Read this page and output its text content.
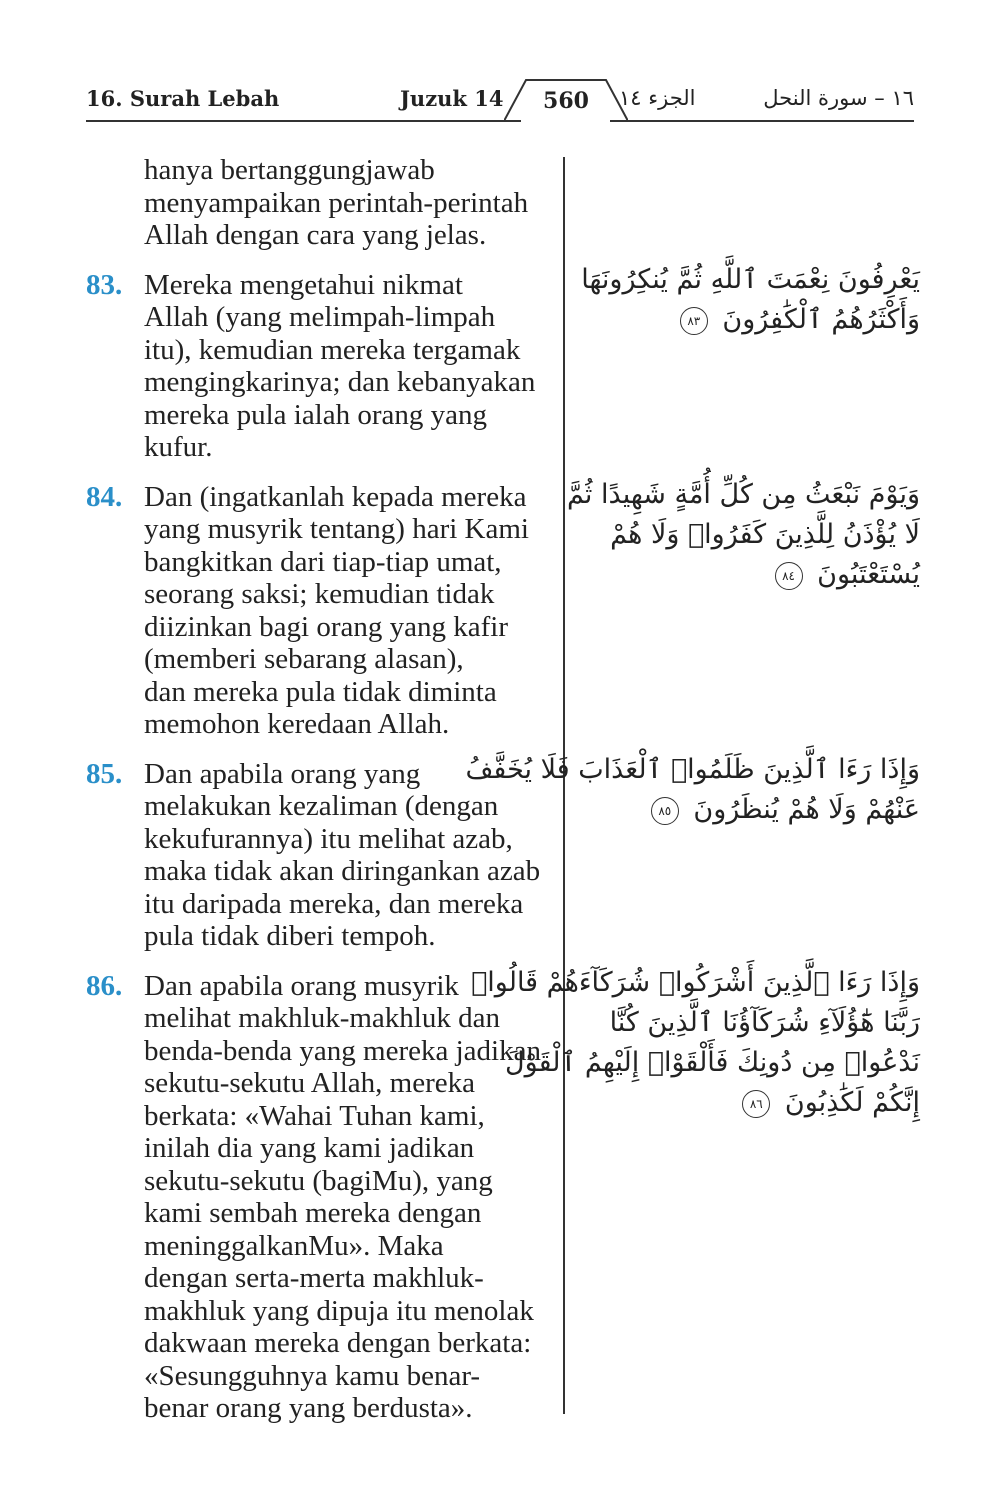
16. Surah Lebah	Juzuk 14	560	الجزء ١٤	١٦ – سورة النحل
hanya bertanggungjawab
menyampaikan perintah-perintah
Allah dengan cara yang jelas.
83. Mereka mengetahui nikmat
Allah (yang melimpah-limpah
itu), kemudian mereka tergamak
mengingkarinya; dan kebanyakan
mereka pula ialah orang yang
kufur.
84. Dan (ingatkanlah kepada mereka
yang musyrik tentang) hari Kami
bangkitkan dari tiap-tiap umat,
seorang saksi; kemudian tidak
diizinkan bagi orang yang kafir
(memberi sebarang alasan),
dan mereka pula tidak diminta
memohon keredaan Allah.
85. Dan apabila orang yang
melakukan kezaliman (dengan
kekufurannya) itu melihat azab,
maka tidak akan diringankan azab
itu daripada mereka, dan mereka
pula tidak diberi tempoh.
86. Dan apabila orang musyrik
melihat makhluk-makhluk dan
benda-benda yang mereka jadikan
sekutu-sekutu Allah, mereka
berkata: «Wahai Tuhan kami,
inilah dia yang kami jadikan
sekutu-sekutu (bagiMu), yang
kami sembah mereka dengan
meninggalkanMu». Maka
dengan serta-merta makhluk-
makhluk yang dipuja itu menolak
dakwaan mereka dengan berkata:
«Sesungguhnya kamu benar-
benar orang yang berdusta».
يَعْرِفُونَ نِعْمَتَ ٱللَّهِ ثُمَّ يُنكِرُونَهَا
وَأَكْثَرُهُمُ ٱلْكَٰفِرُونَ ٨٣
وَيَوْمَ نَبْعَثُ مِن كُلِّ أُمَّةٍ شَهِيدًا ثُمَّ
لَا يُؤْذَنُ لِلَّذِينَ كَفَرُوا۟ وَلَا هُمْ
يُسْتَعْتَبُونَ ٨٤
وَإِذَا رَءَا ٱلَّذِينَ ظَلَمُوا۟ ٱلْعَذَابَ فَلَا يُخَفَّفُ
عَنْهُمْ وَلَا هُمْ يُنظَرُونَ ٨٥
وَإِذَا رَءَا ٱلَّذِينَ أَشْرَكُوا۟ شُرَكَآءَهُمْ قَالُوا۟
رَبَّنَا هَٰٓؤُلَآءِ شُرَكَآؤُنَا ٱلَّذِينَ كُنَّا
نَدْعُوا۟ مِن دُونِكَ فَأَلْقَوْا۟ إِلَيْهِمُ ٱلْقَوْلَ
إِنَّكُمْ لَكَٰذِبُونَ ٨٦
